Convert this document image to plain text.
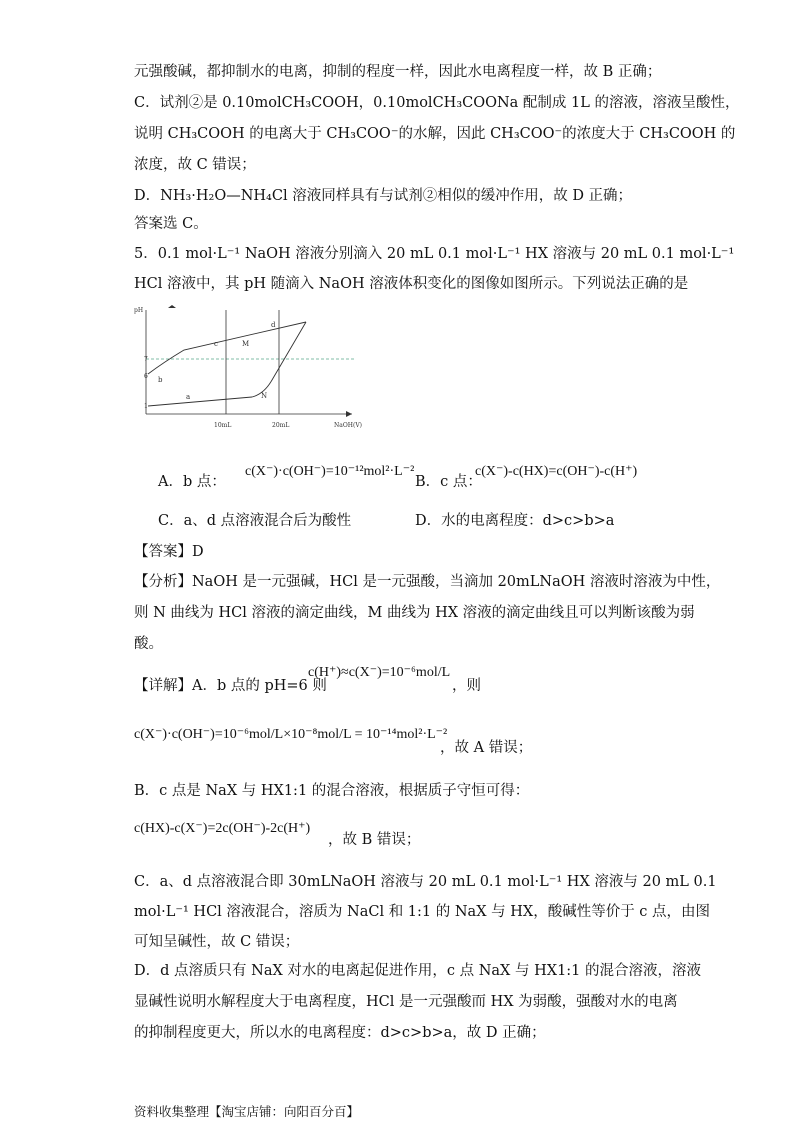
元强酸碱，都抑制水的电离，抑制的程度一样，因此水电离程度一样，故 B 正确；
C．试剂②是 0.10molCH₃COOH，0.10molCH₃COONa 配制成 1L 的溶液，溶液呈酸性，
说明 CH₃COOH 的电离大于 CH₃COO⁻的水解，因此 CH₃COO⁻的浓度大于 CH₃COOH 的
浓度，故 C 错误；
D．NH₃·H₂O—NH₄Cl 溶液同样具有与试剂②相似的缓冲作用，故 D 正确；
答案选 C。
5．0.1 mol·L⁻¹ NaOH 溶液分别滴入 20 mL 0.1 mol·L⁻¹ HX 溶液与 20 mL 0.1 mol·L⁻¹
HCl 溶液中，其 pH 随滴入 NaOH 溶液体积变化的图像如图所示。下列说法正确的是
pH
NaOH(V)
7
6
1
10mL	20mL
b
c
d
a
M
N
A．b 点：
c(X⁻)·c(OH⁻)=10⁻¹²mol²·L⁻²
B．c 点：
c(X⁻)-c(HX)=c(OH⁻)-c(H⁺)
C．a、d 点溶液混合后为酸性	D．水的电离程度：d>c>b>a
【答案】D
【分析】NaOH 是一元强碱，HCl 是一元强酸，当滴加 20mLNaOH 溶液时溶液为中性，
则 N 曲线为 HCl 溶液的滴定曲线，M 曲线为 HX 溶液的滴定曲线且可以判断该酸为弱
酸。
【详解】A．b 点的 pH=6 则
c(H⁺)≈c(X⁻)=10⁻⁶mol/L
，则
c(X⁻)·c(OH⁻)=10⁻⁶mol/L×10⁻⁸mol/L = 10⁻¹⁴mol²·L⁻²
，故 A 错误；
B．c 点是 NaX 与 HX1:1 的混合溶液，根据质子守恒可得：
c(HX)-c(X⁻)=2c(OH⁻)-2c(H⁺)
，故 B 错误；
C．a、d 点溶液混合即 30mLNaOH 溶液与 20 mL 0.1 mol·L⁻¹ HX 溶液与 20 mL 0.1
mol·L⁻¹ HCl 溶液混合，溶质为 NaCl 和 1:1 的 NaX 与 HX，酸碱性等价于 c 点，由图
可知呈碱性，故 C 错误；
D．d 点溶质只有 NaX 对水的电离起促进作用，c 点 NaX 与 HX1:1 的混合溶液，溶液
显碱性说明水解程度大于电离程度，HCl 是一元强酸而 HX 为弱酸，强酸对水的电离
的抑制程度更大，所以水的电离程度：d>c>b>a，故 D 正确；
资料收集整理【淘宝店铺：向阳百分百】
